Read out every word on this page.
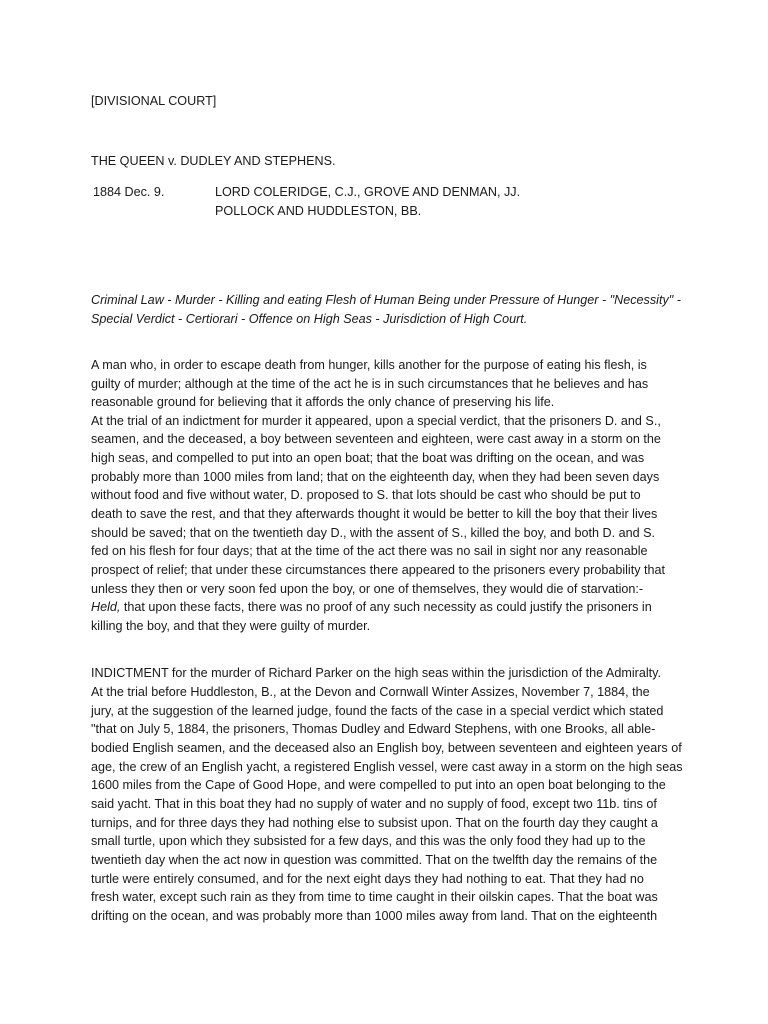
[DIVISIONAL COURT]
THE QUEEN v. DUDLEY AND STEPHENS.
1884 Dec. 9.	LORD COLERIDGE, C.J., GROVE AND DENMAN, JJ.
POLLOCK AND HUDDLESTON, BB.
Criminal Law - Murder - Killing and eating Flesh of Human Being under Pressure of Hunger - "Necessity" -
Special Verdict - Certiorari - Offence on High Seas - Jurisdiction of High Court.
A man who, in order to escape death from hunger, kills another for the purpose of eating his flesh, is
guilty of murder; although at the time of the act he is in such circumstances that he believes and has
reasonable ground for believing that it affords the only chance of preserving his life.
At the trial of an indictment for murder it appeared, upon a special verdict, that the prisoners D. and S.,
seamen, and the deceased, a boy between seventeen and eighteen, were cast away in a storm on the
high seas, and compelled to put into an open boat; that the boat was drifting on the ocean, and was
probably more than 1000 miles from land; that on the eighteenth day, when they had been seven days
without food and five without water, D. proposed to S. that lots should be cast who should be put to
death to save the rest, and that they afterwards thought it would be better to kill the boy that their lives
should be saved; that on the twentieth day D., with the assent of S., killed the boy, and both D. and S.
fed on his flesh for four days; that at the time of the act there was no sail in sight nor any reasonable
prospect of relief; that under these circumstances there appeared to the prisoners every probability that
unless they then or very soon fed upon the boy, or one of themselves, they would die of starvation:-
Held, that upon these facts, there was no proof of any such necessity as could justify the prisoners in
killing the boy, and that they were guilty of murder.
INDICTMENT for the murder of Richard Parker on the high seas within the jurisdiction of the Admiralty.
At the trial before Huddleston, B., at the Devon and Cornwall Winter Assizes, November 7, 1884, the
jury, at the suggestion of the learned judge, found the facts of the case in a special verdict which stated
"that on July 5, 1884, the prisoners, Thomas Dudley and Edward Stephens, with one Brooks, all able-
bodied English seamen, and the deceased also an English boy, between seventeen and eighteen years of
age, the crew of an English yacht, a registered English vessel, were cast away in a storm on the high seas
1600 miles from the Cape of Good Hope, and were compelled to put into an open boat belonging to the
said yacht. That in this boat they had no supply of water and no supply of food, except two 11b. tins of
turnips, and for three days they had nothing else to subsist upon. That on the fourth day they caught a
small turtle, upon which they subsisted for a few days, and this was the only food they had up to the
twentieth day when the act now in question was committed. That on the twelfth day the remains of the
turtle were entirely consumed, and for the next eight days they had nothing to eat. That they had no
fresh water, except such rain as they from time to time caught in their oilskin capes. That the boat was
drifting on the ocean, and was probably more than 1000 miles away from land. That on the eighteenth
